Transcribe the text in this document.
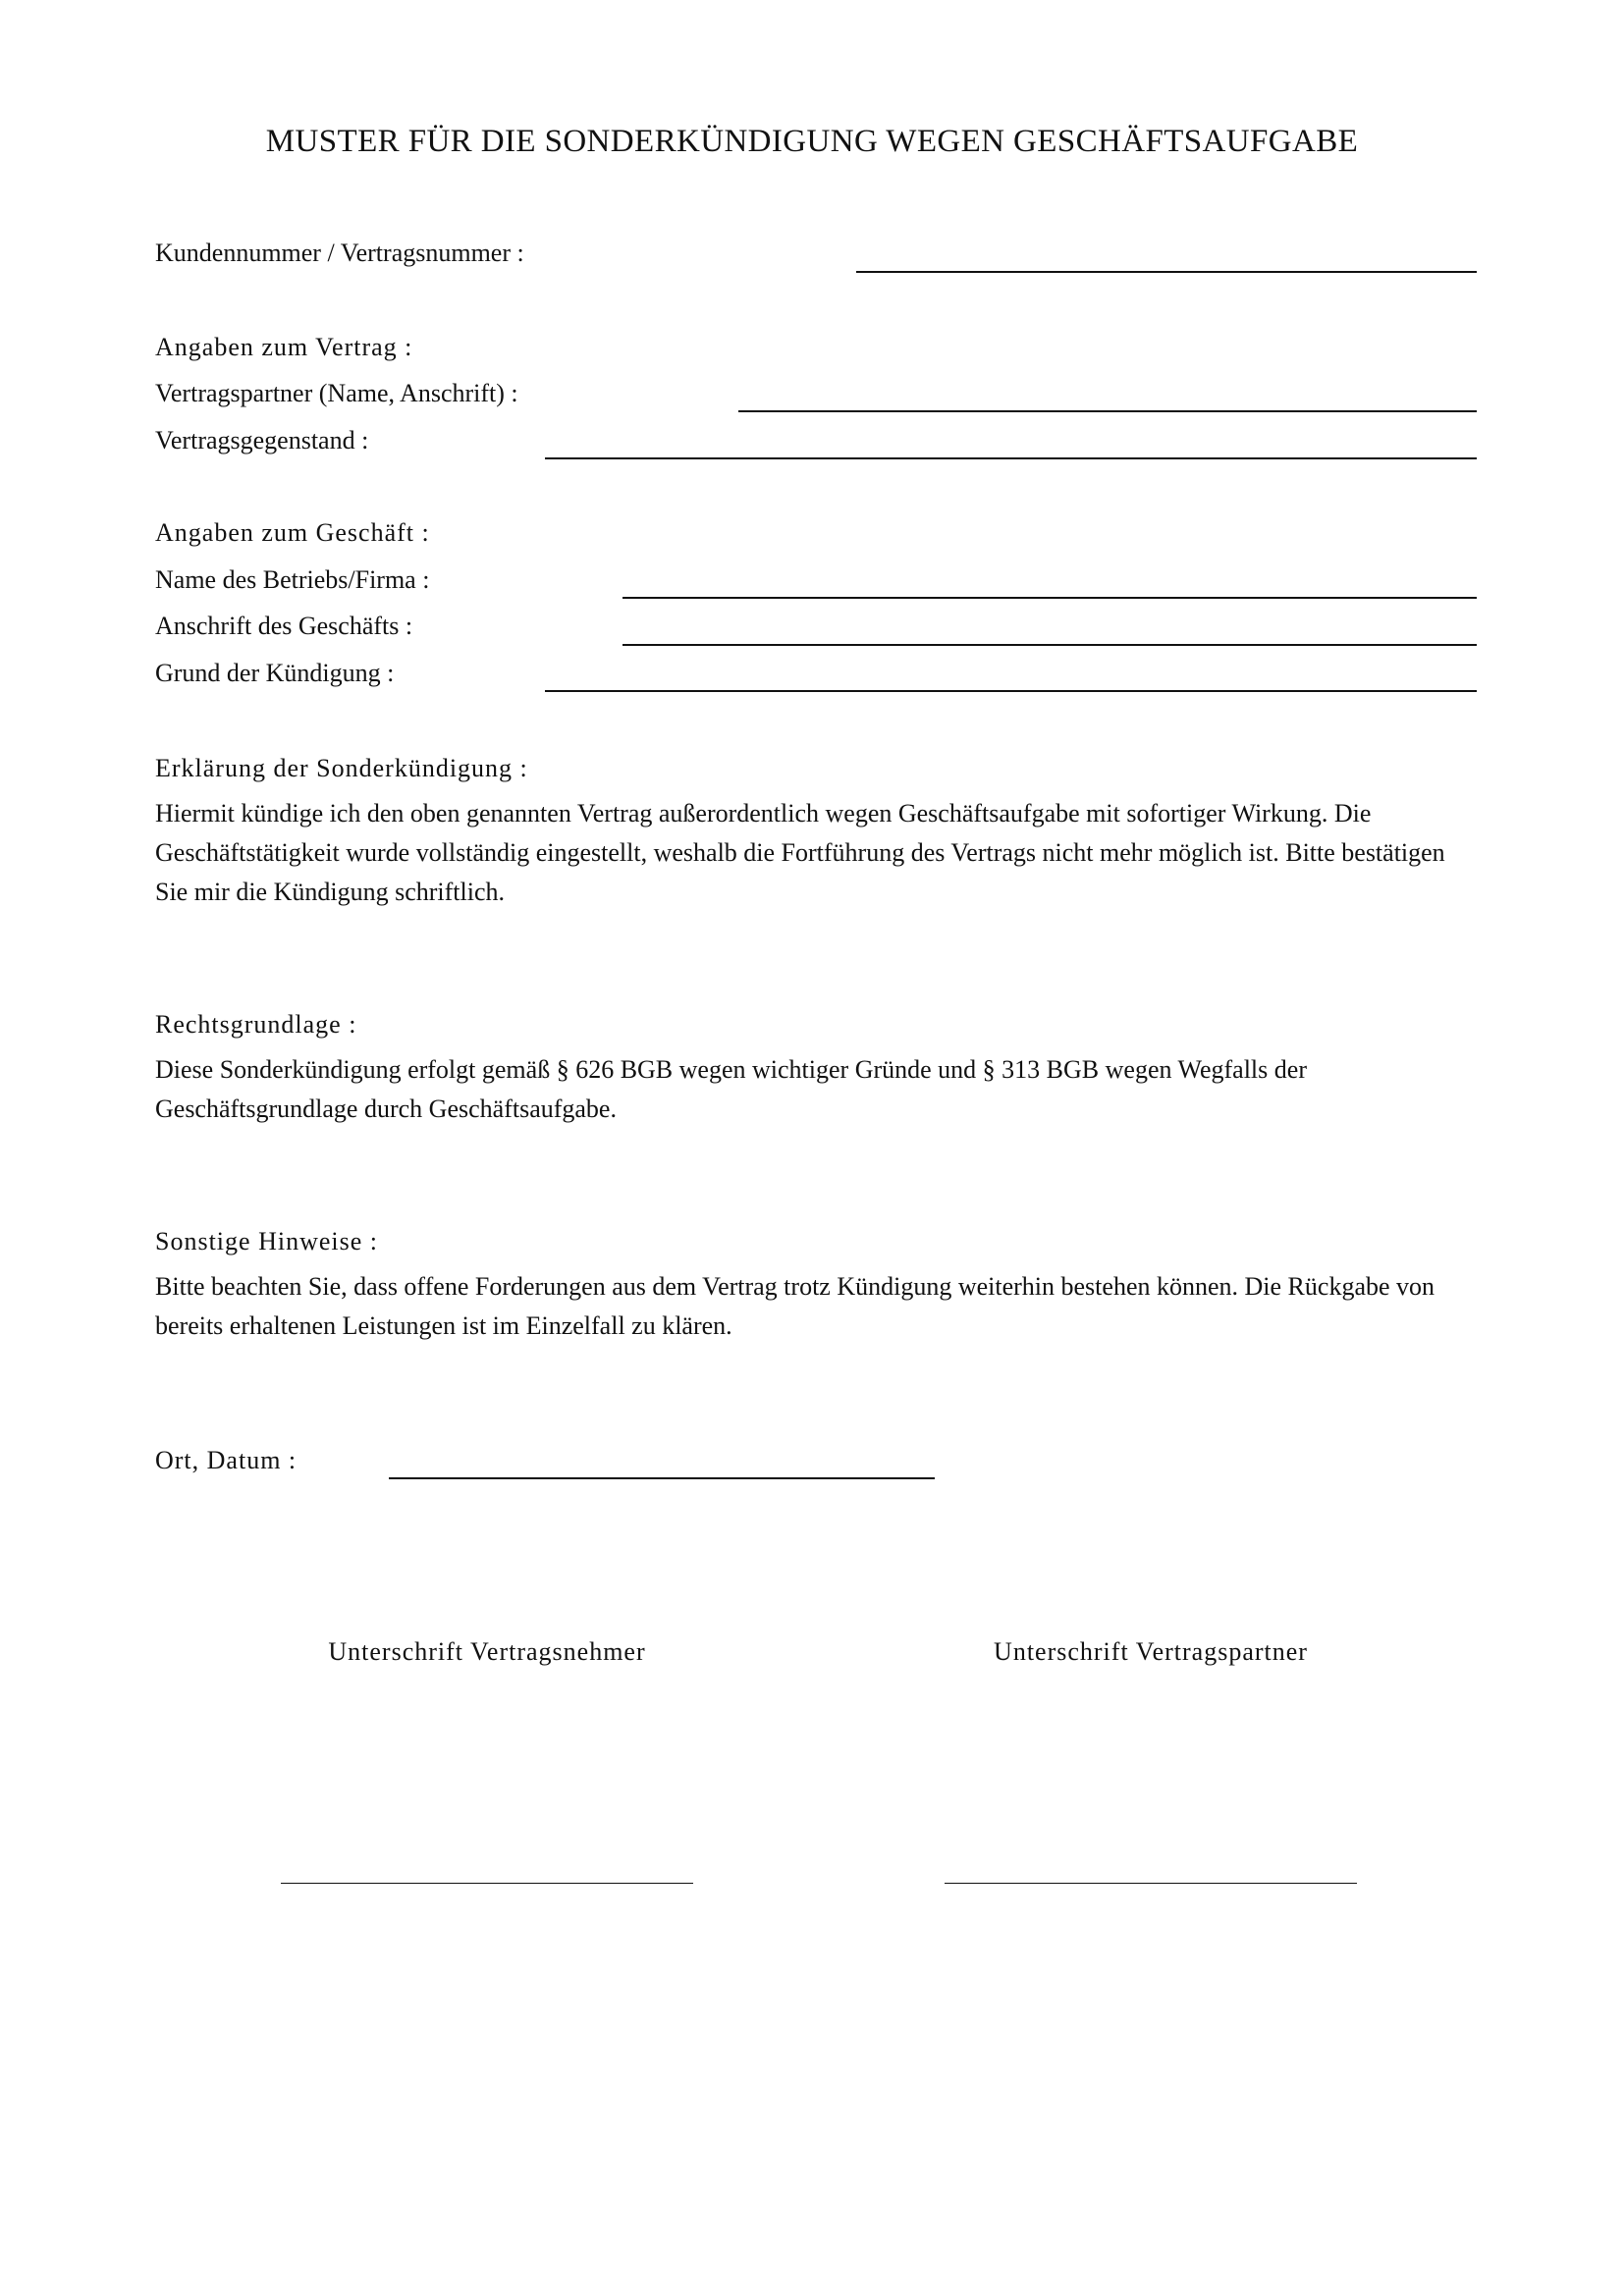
MUSTER FÜR DIE SONDERKÜNDIGUNG WEGEN GESCHÄFTSAUFGABE
Kundennummer / Vertragsnummer :
Angaben zum Vertrag :
Vertragspartner (Name, Anschrift) :
Vertragsgegenstand :
Angaben zum Geschäft :
Name des Betriebs/Firma :
Anschrift des Geschäfts :
Grund der Kündigung :
Erklärung der Sonderkündigung :
Hiermit kündige ich den oben genannten Vertrag außerordentlich wegen Geschäftsaufgabe mit sofortiger Wirkung. Die Geschäftstätigkeit wurde vollständig eingestellt, weshalb die Fortführung des Vertrags nicht mehr möglich ist. Bitte bestätigen Sie mir die Kündigung schriftlich.
Rechtsgrundlage :
Diese Sonderkündigung erfolgt gemäß § 626 BGB wegen wichtiger Gründe und § 313 BGB wegen Wegfalls der Geschäftsgrundlage durch Geschäftsaufgabe.
Sonstige Hinweise :
Bitte beachten Sie, dass offene Forderungen aus dem Vertrag trotz Kündigung weiterhin bestehen können. Die Rückgabe von bereits erhaltenen Leistungen ist im Einzelfall zu klären.
Ort, Datum :
Unterschrift Vertragsnehmer	Unterschrift Vertragspartner
